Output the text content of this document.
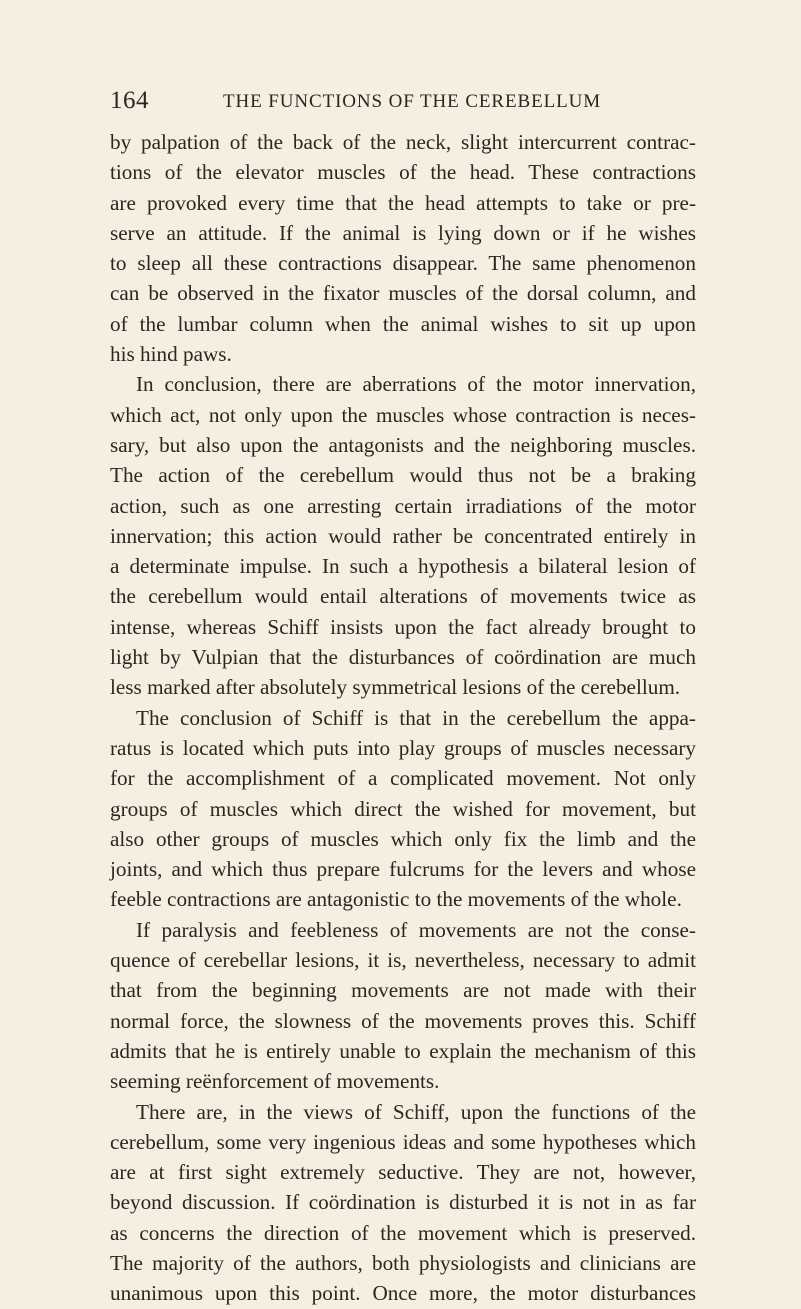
164	THE FUNCTIONS OF THE CEREBELLUM
by palpation of the back of the neck, slight intercurrent contrac-
tions of the elevator muscles of the head. These contractions
are provoked every time that the head attempts to take or pre-
serve an attitude. If the animal is lying down or if he wishes
to sleep all these contractions disappear. The same phenomenon
can be observed in the fixator muscles of the dorsal column, and
of the lumbar column when the animal wishes to sit up upon
his hind paws.
In conclusion, there are aberrations of the motor innervation,
which act, not only upon the muscles whose contraction is neces-
sary, but also upon the antagonists and the neighboring muscles.
The action of the cerebellum would thus not be a braking
action, such as one arresting certain irradiations of the motor
innervation; this action would rather be concentrated entirely in
a determinate impulse. In such a hypothesis a bilateral lesion of
the cerebellum would entail alterations of movements twice as
intense, whereas Schiff insists upon the fact already brought to
light by Vulpian that the disturbances of coördination are much
less marked after absolutely symmetrical lesions of the cerebellum.
The conclusion of Schiff is that in the cerebellum the appa-
ratus is located which puts into play groups of muscles necessary
for the accomplishment of a complicated movement. Not only
groups of muscles which direct the wished for movement, but
also other groups of muscles which only fix the limb and the
joints, and which thus prepare fulcrums for the levers and whose
feeble contractions are antagonistic to the movements of the whole.
If paralysis and feebleness of movements are not the conse-
quence of cerebellar lesions, it is, nevertheless, necessary to admit
that from the beginning movements are not made with their
normal force, the slowness of the movements proves this. Schiff
admits that he is entirely unable to explain the mechanism of this
seeming reënforcement of movements.
There are, in the views of Schiff, upon the functions of the
cerebellum, some very ingenious ideas and some hypotheses which
are at first sight extremely seductive. They are not, however,
beyond discussion. If coördination is disturbed it is not in as far
as concerns the direction of the movement which is preserved.
The majority of the authors, both physiologists and clinicians are
unanimous upon this point. Once more, the motor disturbances
